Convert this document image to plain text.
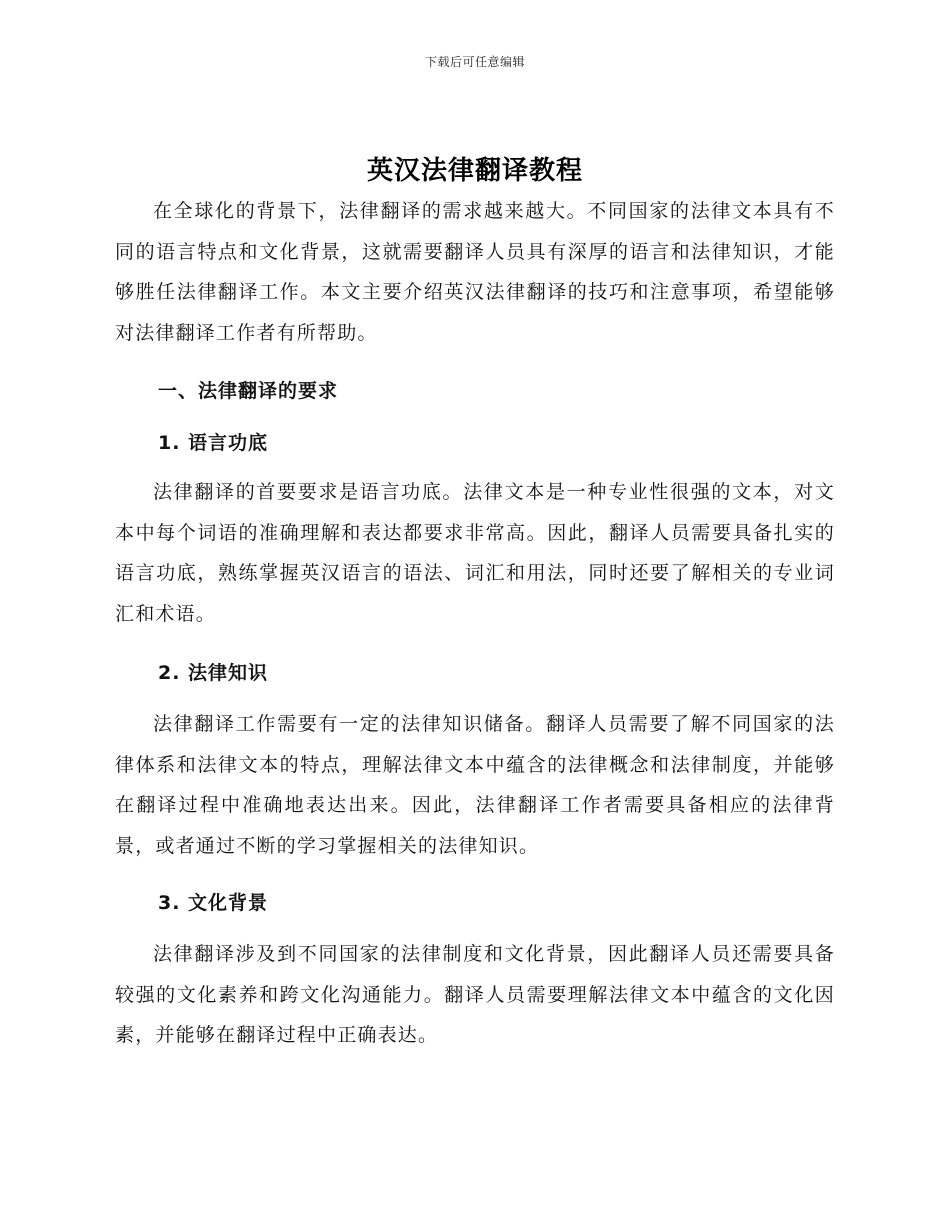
下载后可任意编辑
英汉法律翻译教程

在全球化的背景下，法律翻译的需求越来越大。不同国家的法律文本具有不同的语言特点和文化背景，这就需要翻译人员具有深厚的语言和法律知识，才能够胜任法律翻译工作。本文主要介绍英汉法律翻译的技巧和注意事项，希望能够对法律翻译工作者有所帮助。

一、法律翻译的要求

1. 语言功底

法律翻译的首要要求是语言功底。法律文本是一种专业性很强的文本，对文本中每个词语的准确理解和表达都要求非常高。因此，翻译人员需要具备扎实的语言功底，熟练掌握英汉语言的语法、词汇和用法，同时还要了解相关的专业词汇和术语。

2. 法律知识

法律翻译工作需要有一定的法律知识储备。翻译人员需要了解不同国家的法律体系和法律文本的特点，理解法律文本中蕴含的法律概念和法律制度，并能够在翻译过程中准确地表达出来。因此，法律翻译工作者需要具备相应的法律背景，或者通过不断的学习掌握相关的法律知识。

3. 文化背景

法律翻译涉及到不同国家的法律制度和文化背景，因此翻译人员还需要具备较强的文化素养和跨文化沟通能力。翻译人员需要理解法律文本中蕴含的文化因素，并能够在翻译过程中正确表达。
